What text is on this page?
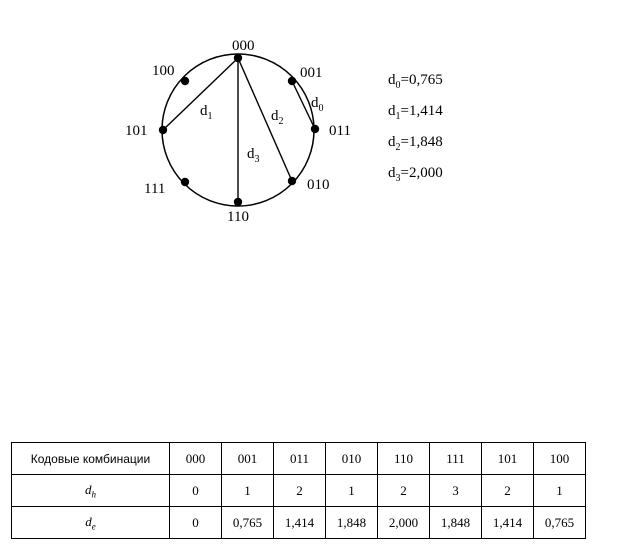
000
001
011
010
110
111
101
100
$d_0$
$d_1$	$d_2$
$d_3$
$d_0=0,765$
$d_1=1,414$
$d_2=1,848$
$d_3=2,000$
Кодовые комбинации	000	001	011	010	110	111	101	100
$d_h$	0	1	2	1	2	3	2	1
$d_e$	0	0,765	1,414	1,848	2,000	1,848	1,414	0,765
